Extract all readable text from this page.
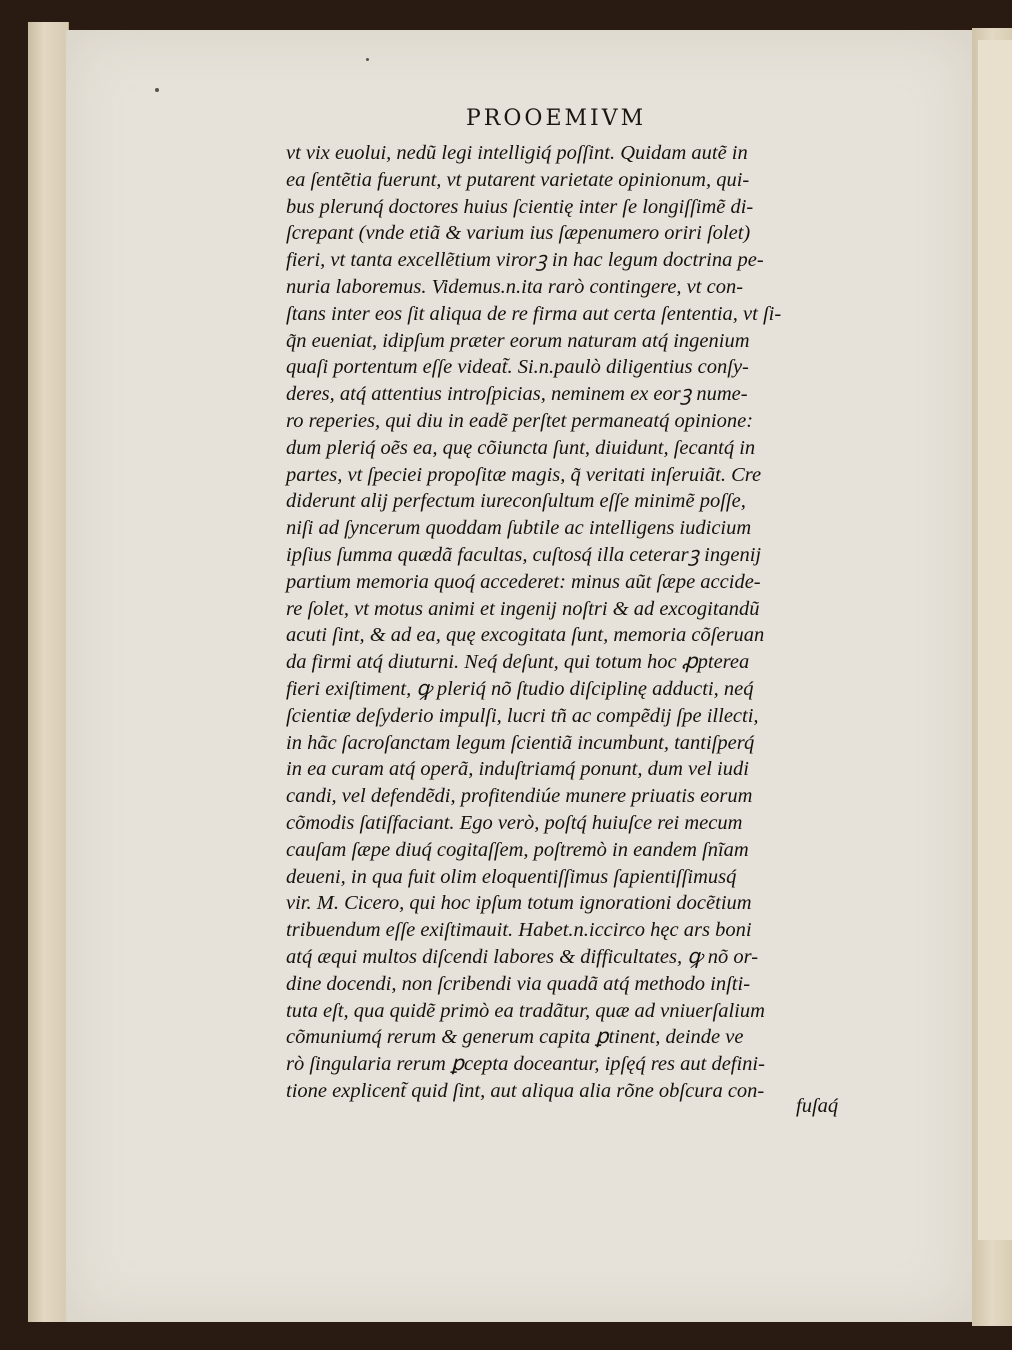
PROOEMIVM
vt vix euolui, nedũ legi intelligiq́ poſſint. Quidam autẽ in
ea ſentẽtia fuerunt, vt putarent varietate opinionum, qui-
bus plerunq́ doctores huius ſcientię inter ſe longiſſimẽ di-
ſcrepant (vnde etiã & varium ius ſæpenumero oriri ſolet)
fieri, vt tanta excellẽtium virorꝫ in hac legum doctrina pe-
nuria laboremus. Videmus.n.ita rarò contingere, vt con-
ſtans inter eos ſit aliqua de re firma aut certa ſententia, vt ſi-
q̃n eueniat, idipſum præter eorum naturam atq́ ingenium
quaſi portentum eſſe videat̃. Si.n.paulò diligentius conſy-
deres, atq́ attentius introſpicias, neminem ex eorꝫ nume-
ro reperies, qui diu in eadẽ perſtet permaneatq́ opinione:
dum pleriq́ oẽs ea, quę cõiuncta ſunt, diuidunt, ſecantq́ in
partes, vt ſpeciei propoſitæ magis, q̃ veritati inſeruiãt. Cre
diderunt alij perfectum iureconſultum eſſe minimẽ poſſe,
niſi ad ſyncerum quoddam ſubtile ac intelligens iudicium
ipſius ſumma quædã facultas, cuſtosq́ illa ceterarꝫ ingenij
partium memoria quoq́ accederet: minus aũt ſæpe accide-
re ſolet, vt motus animi et ingenij noſtri & ad excogitandũ
acuti ſint, & ad ea, quę excogitata ſunt, memoria cõſeruan
da firmi atq́ diuturni. Neq́ deſunt, qui totum hoc ꝓpterea
fieri exiſtiment, ꝙ pleriq́ nõ ſtudio diſciplinę adducti, neq́
ſcientiæ deſyderio impulſi, lucri tñ ac compẽdij ſpe illecti,
in hãc ſacroſanctam legum ſcientiã incumbunt, tantiſperq́
in ea curam atq́ operã, induſtriamq́ ponunt, dum vel iudi
candi, vel defendẽdi, profitendiúe munere priuatis eorum
cõmodis ſatiſfaciant. Ego verò, poſtq́ huiuſce rei mecum
cauſam ſæpe diuq́ cogitaſſem, poſtremò in eandem ſnĩam
deueni, in qua fuit olim eloquentiſſimus ſapientiſſimusq́
vir. M. Cicero, qui hoc ipſum totum ignorationi docẽtium
tribuendum eſſe exiſtimauit. Habet.n.iccirco hęc ars boni
atq́ æqui multos diſcendi labores & difficultates, ꝙ nõ or-
dine docendi, non ſcribendi via quadã atq́ methodo inſti-
tuta eſt, qua quidẽ primò ea tradãtur, quæ ad vniuerſalium
cõmuniumq́ rerum & generum capita ꝑtinent, deinde ve
rò ſingularia rerum ꝑcepta doceantur, ipſęq́ res aut defini-
tione explicent̃ quid ſint, aut aliqua alia rõne obſcura con-
fuſaq́
